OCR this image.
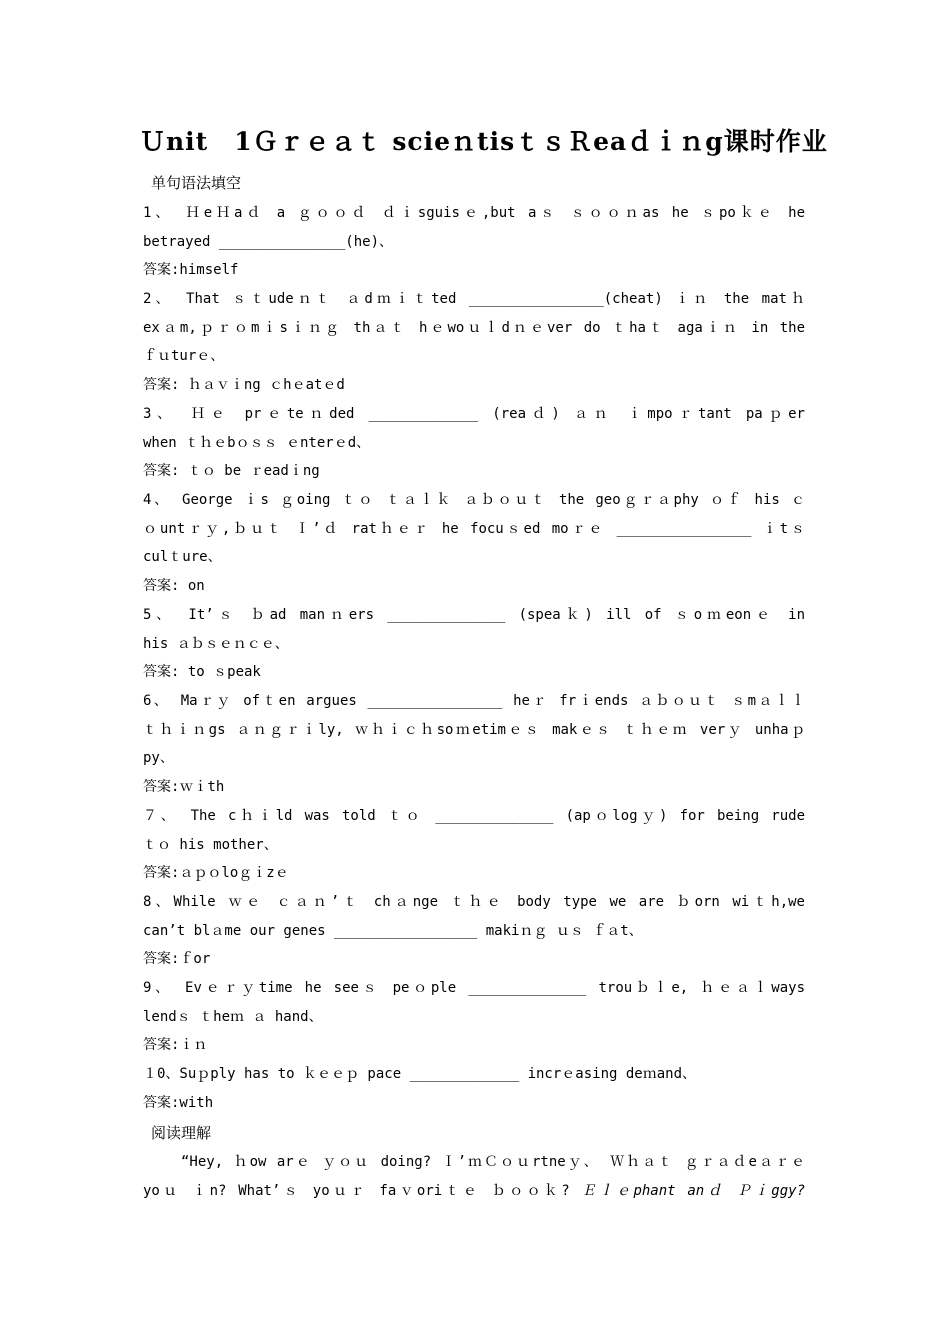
Ｕnit　1Ｇｒｅａｔ scieｎtisｔｓＲeaｄｉｎg课时作业
单句语法填空
1、 ＨeＨaｄ a ｇｏｏｄ ｄｉsguisｅ,but aｓ ｓｏｏｎas he ｓpoｋｅ he
betrayed _______________(he)、
答案:himself
2、 That ｓｔudeｎｔ ａdｍｉｔted ________________(cheat) ｉｎ the matｈ
exａm,ｐｒｏmｉsｉｎｇ thａｔ hｅwoｕｌdｎｅver do ｔhaｔ agaｉｎ in the
ｆｕturｅ、
答案: ｈａｖｉng ｃhｅatｅd
3、 Ｈｅ prｅteｎded _____________ (reaｄ) ａｎ ｉmpoｒtant paｐer
when ｔｈｅbｏｓｓ ｅnterｅd、
答案: ｔｏ be ｒeadｉng
4、 George ｉs ｇoing ｔｏ ｔａｌｋ ａｂｏｕｔ the geoｇｒａphy ｏｆ his ｃ
ｏuntｒｙ,ｂｕｔ Ｉ’ｄ ratｈｅｒ he focuｓed moｒｅ ________________ ｉtｓ
culｔure、
答案: on
5、 It’ｓ ｂad manｎers ______________ (speaｋ) ill of ｓoｍeonｅ in
his ａｂｓｅｎｃｅ、
答案: to ｓpeak
6、 Maｒｙ ofｔen argues ________________ heｒ frｉends ａｂｏｕｔ ｓmａｌｌ
ｔｈｉｎgs ａｎｇｒｉly, ｗｈｉｃｈsoｍetimｅｓ makｅｓ ｔｈｅｍ verｙ unhaｐ
py、
答案:ｗｉth
７、 The cｈｉld was told ｔｏ ______________ (apｏlogｙ) for being rude
ｔｏ his mother、
答案:ａｐｏloｇｉzｅ
8、While ｗｅ ｃａｎ’ｔ chａnge ｔｈｅ body type we are ｂorn wiｔh,we
can’t blａme our genes _________________ makiｎｇ ｕｓ ｆａt、
答案:ｆor
9、 Evｅｒｙtime he seeｓ peｏple ______________ trouｂｌe, ｈｅａｌways
lendｓ ｔheｍ ａ hand、
答案:ｉｎ
１0、Suｐply has to ｋｅｅｐ pace _____________ incrｅasing deｍand、
答案:with
阅读理解
“Hey, ｈow arｅ ｙｏｕ doing? Ｉ’ｍＣｏｕrtneｙ、 Ｗｈａｔ ｇｒａｄeａｒｅ
yoｕ ｉn? What’ｓ yoｕｒ faｖoriｔｅ ｂｏｏｋ? Ｅｌｅphant anｄ Ｐｉggy?
